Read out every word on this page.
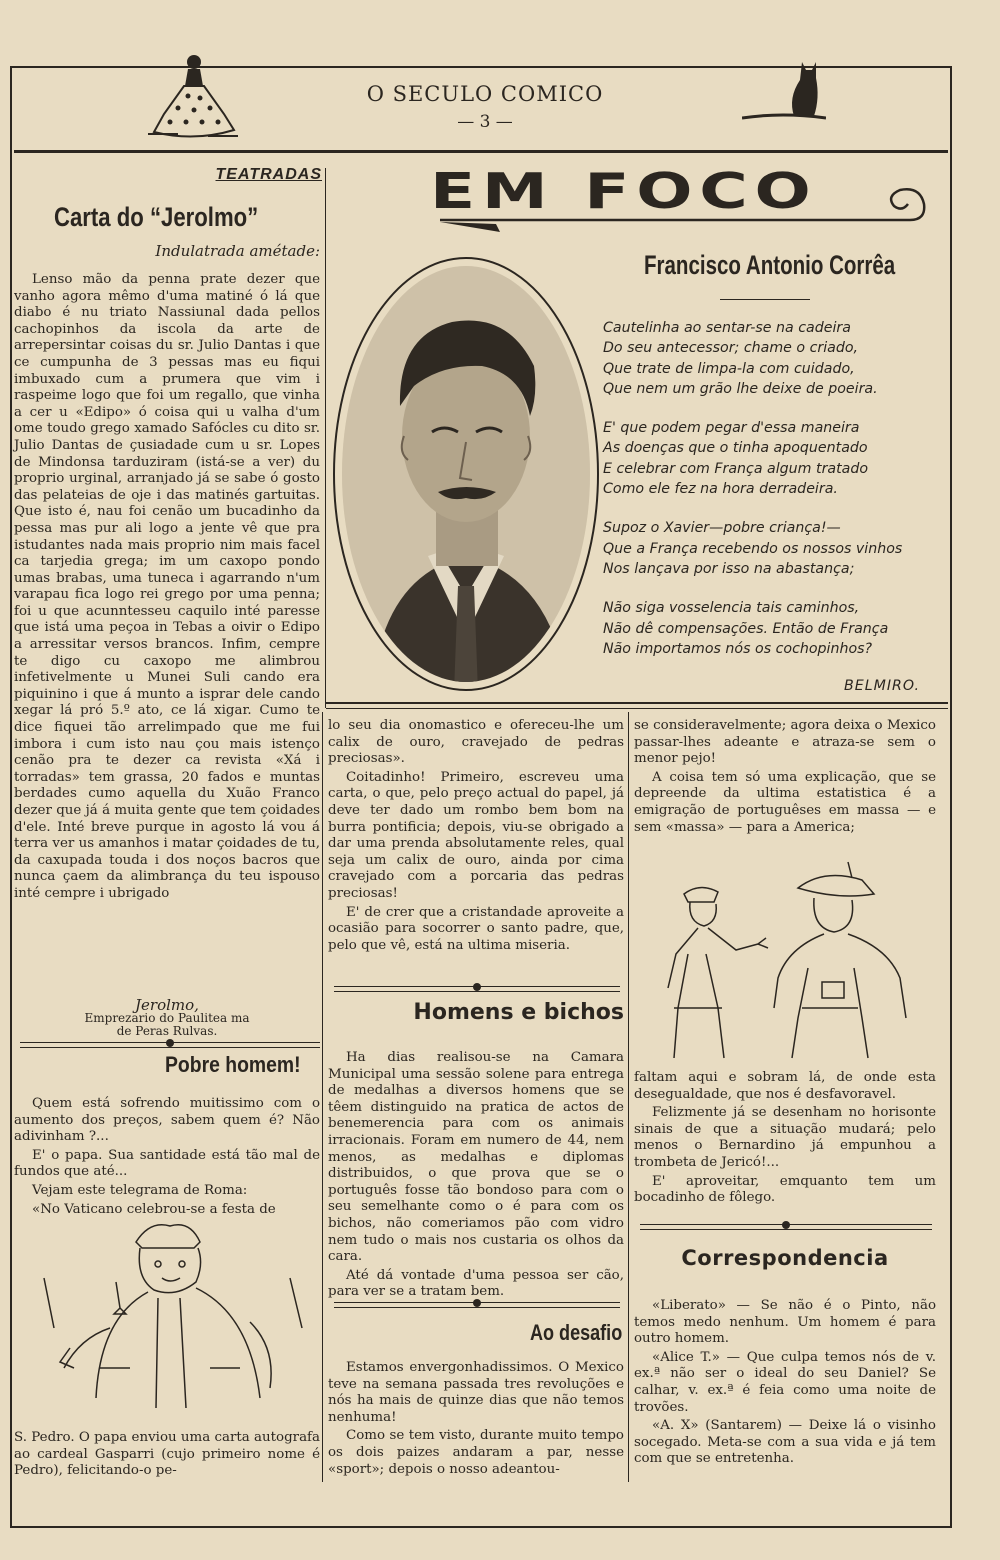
O SECULO COMICO
— 3 —
TEATRADAS
Carta do “Jerolmo”
Indulatrada amétade:

Lenso mão da penna prate dezer que vanho agora mêmo d'uma matiné ó lá que diabo é nu triato Nassiunal dada pellos cachopinhos da iscola da arte de arrepersintar coisas du sr. Julio Dantas i que ce cumpunha de 3 pessas mas eu fiqui imbuxado cum a prumera que vim i raspeime logo que foi um regallo, que vinha a cer u «Edipo» ó coisa qui u valha d'um ome toudo grego xamado Safócles cu dito sr. Julio Dantas de çusiadade cum u sr. Lopes de Mindonsa tarduziram (istá-se a ver) du proprio urginal, arranjado já se sabe ó gosto das pelateias de oje i das matinés gartuitas. Que isto é, nau foi cenão um bucadinho da pessa mas pur ali logo a jente vê que pra istudantes nada mais proprio nim mais facel ca tarjedia grega; im um caxopo pondo umas brabas, uma tuneca i agarrando n'um varapau fica logo rei grego por uma penna; foi u que acunntesseu caquilo inté paresse que istá uma peçoa in Tebas a oivir o Edipo a arressitar versos brancos. Infim, cempre te digo cu caxopo me alimbrou infetivelmente u Munei Suli cando era piquinino i que á munto a isprar dele cando xegar lá pró 5.º ato, ce lá xigar. Cumo te dice fiquei tão arrelimpado que me fui imbora i cum isto nau çou mais istenço cenão pra te dezer ca revista «Xá i torradas» tem grassa, 20 fados e muntas berdades cumo aquella du Xuão Franco dezer que já á muita gente que tem çoidades d'ele. Inté breve purque in agosto lá vou á terra ver us amanhos i matar çoidades de tu, da caxupada touda i dos noços bacros que nunca çaem da alimbrança du teu ispouso inté cempre i ubrigado

Jerolmo,
Emprezario do Paulitea ma
de Peras Rulvas.
Pobre homem!

Quem está sofrendo muitissimo com o aumento dos preços, sabem quem é? Não adivinham ?...

E' o papa. Sua santidade está tão mal de fundos que até...

Vejam este telegrama de Roma:

«No Vaticano celebrou-se a festa de

S. Pedro. O papa enviou uma carta autografa ao cardeal Gasparri (cujo primeiro nome é Pedro), felicitando-o pe-

EM FOCO
Francisco Antonio Corrêa
Cautelinha ao sentar-se na cadeira
Do seu antecessor; chame o criado,
Que trate de limpa-la com cuidado,
Que nem um grão lhe deixe de poeira.
E' que podem pegar d'essa maneira
As doenças que o tinha apoquentado
E celebrar com França algum tratado
Como ele fez na hora derradeira.
Supoz o Xavier—pobre criança!—
Que a França recebendo os nossos vinhos
Nos lançava por isso na abastança;
Não siga vosselencia tais caminhos,
Não dê compensações. Então de França
Não importamos nós os cochopinhos?
BELMIRO.

lo seu dia onomastico e ofereceu-lhe um calix de ouro, cravejado de pedras preciosas».

Coitadinho! Primeiro, escreveu uma carta, o que, pelo preço actual do papel, já deve ter dado um rombo bem bom na burra pontificia; depois, viu-se obrigado a dar uma prenda absolutamente reles, qual seja um calix de ouro, ainda por cima cravejado com a porcaria das pedras preciosas!

E' de crer que a cristandade aproveite a ocasião para socorrer o santo padre, que, pelo que vê, está na ultima miseria.

Homens e bichos

Ha dias realisou-se na Camara Municipal uma sessão solene para entrega de medalhas a diversos homens que se têem distinguido na pratica de actos de benemerencia para com os animais irracionais. Foram em numero de 44, nem menos, as medalhas e diplomas distribuidos, o que prova que se o português fosse tão bondoso para com o seu semelhante como o é para com os bichos, não comeriamos pão com vidro nem tudo o mais nos custaria os olhos da cara.

Até dá vontade d'uma pessoa ser cão, para ver se a tratam bem.

Ao desafio

Estamos envergonhadissimos. O Mexico teve na semana passada tres revoluções e nós ha mais de quinze dias que não temos nenhuma!

Como se tem visto, durante muito tempo os dois paizes andaram a par, nesse «sport»; depois o nosso adeantou-

se consideravelmente; agora deixa o Mexico passar-lhes adeante e atraza-se sem o menor pejo!

A coisa tem só uma explicação, que se depreende da ultima estatistica é a emigração de portuguêses em massa — e sem «massa» — para a America;

faltam aqui e sobram lá, de onde esta desegualdade, que nos é desfavoravel.

Felizmente já se desenham no horisonte sinais de que a situação mudará; pelo menos o Bernardino já empunhou a trombeta de Jericó!...

E' aproveitar, emquanto tem um bocadinho de fôlego.

Correspondencia

«Liberato» — Se não é o Pinto, não temos medo nenhum. Um homem é para outro homem.

«Alice T.» — Que culpa temos nós de v. ex.ª não ser o ideal do seu Daniel? Se calhar, v. ex.ª é feia como uma noite de trovões.

«A. X» (Santarem) — Deixe lá o visinho socegado. Meta-se com a sua vida e já tem com que se entretenha.
